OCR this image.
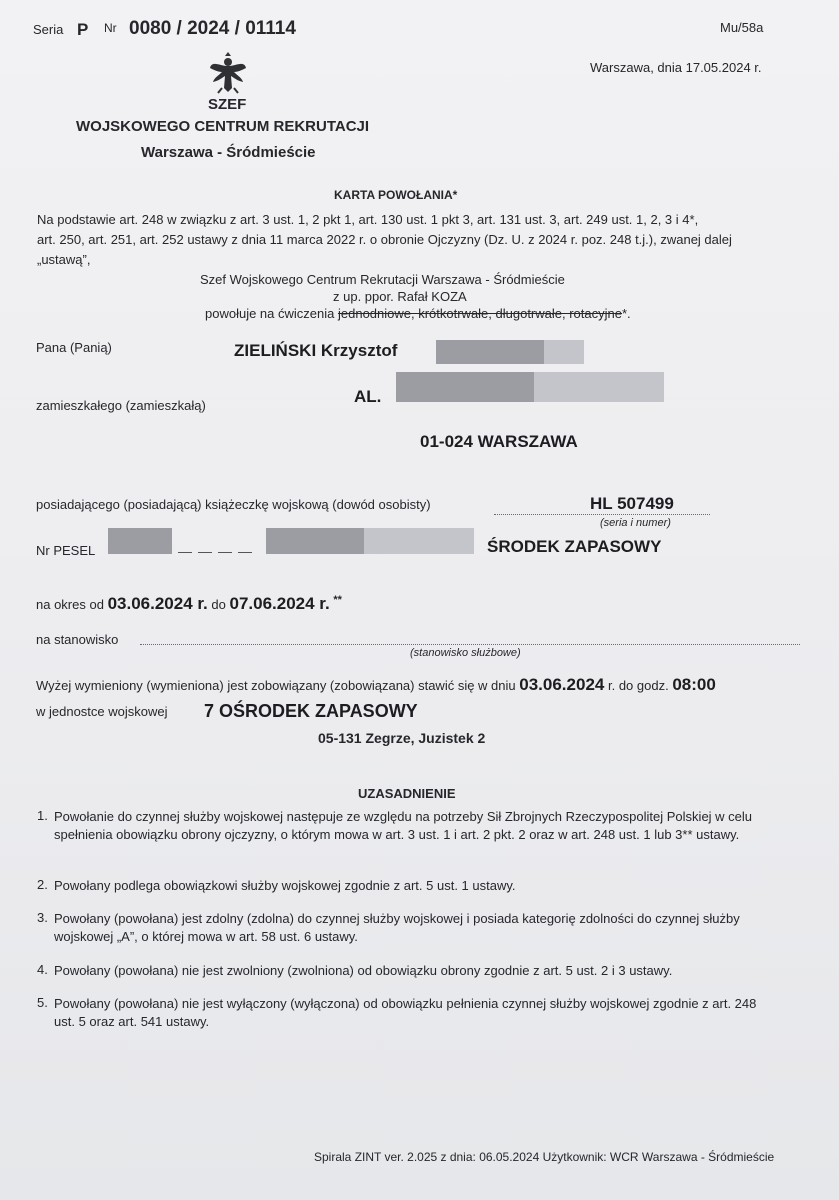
Seria P Nr 0080 / 2024 / 01114	Mu/58a
Warszawa, dnia 17.05.2024 r.
SZEF
WOJSKOWEGO CENTRUM REKRUTACJI
Warszawa - Śródmieście
KARTA POWOŁANIA*
Na podstawie art. 248 w związku z art. 3 ust. 1, 2 pkt 1, art. 130 ust. 1 pkt 3, art. 131 ust. 3, art. 249 ust. 1, 2, 3 i 4*,
art. 250, art. 251, art. 252 ustawy z dnia 11 marca 2022 r. o obronie Ojczyzny (Dz. U. z 2024 r. poz. 248 t.j.), zwanej dalej
„ustawą”,
Szef Wojskowego Centrum Rekrutacji Warszawa - Śródmieście
z up. ppor. Rafał KOZA
powołuje na ćwiczenia jednodniowe, krótkotrwałe, długotrwałe, rotacyjne*.
Pana (Panią)	ZIELIŃSKI Krzysztof
zamieszkałego (zamieszkałą)	AL.
01-024 WARSZAWA
posiadającego (posiadającą) książeczkę wojskową (dowód osobisty)	HL 507499
(seria i numer)
Nr PESEL	ŚRODEK ZAPASOWY
na okres od 03.06.2024 r. do 07.06.2024 r. **
na stanowisko
(stanowisko służbowe)
Wyżej wymieniony (wymieniona) jest zobowiązany (zobowiązana) stawić się w dniu 03.06.2024 r. do godz. 08:00
w jednostce wojskowej 7 OŚRODEK ZAPASOWY
05-131 Zegrze, Juzistek 2
UZASADNIENIE
1. Powołanie do czynnej służby wojskowej następuje ze względu na potrzeby Sił Zbrojnych Rzeczypospolitej Polskiej w celu spełnienia obowiązku obrony ojczyzny, o którym mowa w art. 3 ust. 1 i art. 2 pkt. 2 oraz w art. 248 ust. 1 lub 3** ustawy.
2. Powołany podlega obowiązkowi służby wojskowej zgodnie z art. 5 ust. 1 ustawy.
3. Powołany (powołana) jest zdolny (zdolna) do czynnej służby wojskowej i posiada kategorię zdolności do czynnej służby wojskowej „A”, o której mowa w art. 58 ust. 6 ustawy.
4. Powołany (powołana) nie jest zwolniony (zwolniona) od obowiązku obrony zgodnie z art. 5 ust. 2 i 3 ustawy.
5. Powołany (powołana) nie jest wyłączony (wyłączona) od obowiązku pełnienia czynnej służby wojskowej zgodnie z art. 248 ust. 5 oraz art. 541 ustawy.
Spirala ZINT ver. 2.025 z dnia: 06.05.2024 Użytkownik: WCR Warszawa - Śródmieście
